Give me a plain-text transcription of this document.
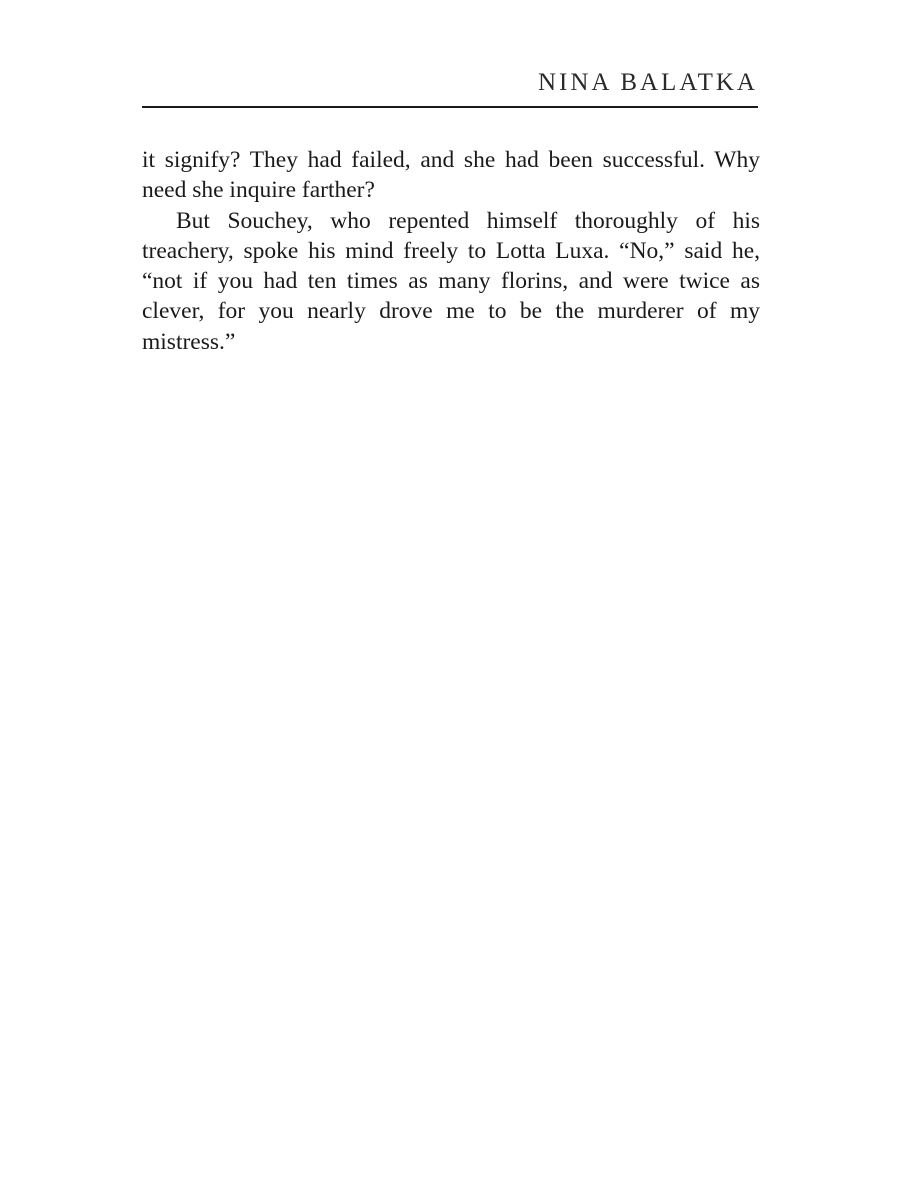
NINA BALATKA

it signify? They had failed, and she had been successful. Why need she inquire farther?

But Souchey, who repented himself thoroughly of his treachery, spoke his mind freely to Lotta Luxa. “No,” said he, “not if you had ten times as many florins, and were twice as clever, for you nearly drove me to be the murderer of my mistress.”
